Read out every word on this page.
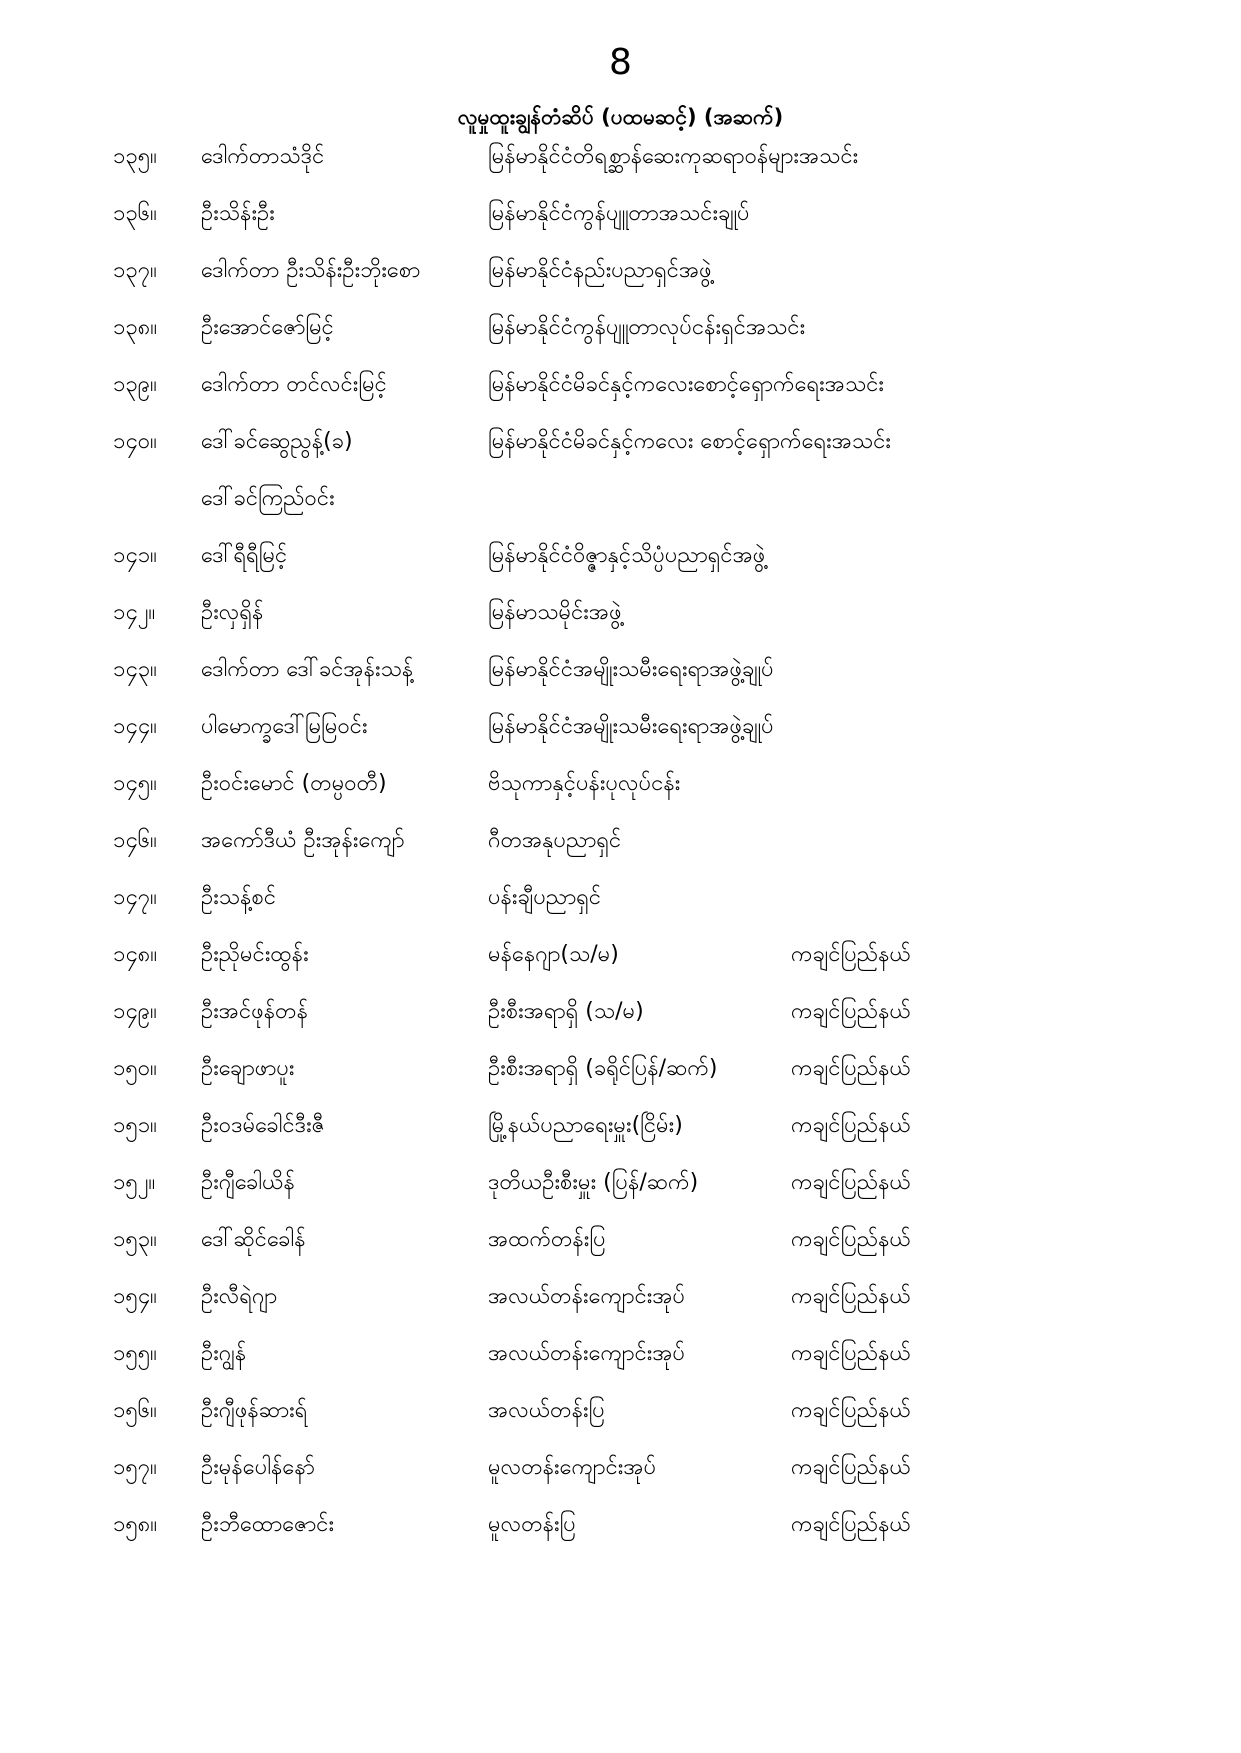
8
လူမှုထူးချွန်တံဆိပ် (ပထမဆင့်) (အဆက်)
၁၃၅။	ဒေါက်တာသံဒိုင်	မြန်မာနိုင်ငံတိရစ္ဆာန်ဆေးကုဆရာဝန်များအသင်း
၁၃၆။	ဦးသိန်းဦး	မြန်မာနိုင်ငံကွန်ပျူတာအသင်းချုပ်
၁၃၇။	ဒေါက်တာ ဦးသိန်းဦးဘိုးစော	မြန်မာနိုင်ငံနည်းပညာရှင်အဖွဲ့
၁၃၈။	ဦးအောင်ဇော်မြင့်	မြန်မာနိုင်ငံကွန်ပျူတာလုပ်ငန်းရှင်အသင်း
၁၃၉။	ဒေါက်တာ တင်လင်းမြင့်	မြန်မာနိုင်ငံမိခင်နှင့်ကလေးစောင့်ရှောက်ရေးအသင်း
၁၄၀။	ဒေါ်ခင်ဆွေညွန့်(ခ)	မြန်မာနိုင်ငံမိခင်နှင့်ကလေး စောင့်ရှောက်ရေးအသင်း
ဒေါ်ခင်ကြည်ဝင်း
၁၄၁။	ဒေါ်ရီရီမြင့်	မြန်မာနိုင်ငံဝိဇ္ဇာနှင့်သိပ္ပံပညာရှင်အဖွဲ့
၁၄၂။	ဦးလှရှိန်	မြန်မာသမိုင်းအဖွဲ့
၁၄၃။	ဒေါက်တာ ဒေါ်ခင်အုန်းသန့်	မြန်မာနိုင်ငံအမျိုးသမီးရေးရာအဖွဲ့ချုပ်
၁၄၄။	ပါမောက္ခဒေါ်မြမြဝင်း	မြန်မာနိုင်ငံအမျိုးသမီးရေးရာအဖွဲ့ချုပ်
၁၄၅။	ဦးဝင်းမောင် (တမ္ပဝတီ)	ဗိသုကာနှင့်ပန်းပုလုပ်ငန်း
၁၄၆။	အကော်ဒီယံ ဦးအုန်းကျော်	ဂီတအနုပညာရှင်
၁၄၇။	ဦးသန့်စင်	ပန်းချီပညာရှင်
၁၄၈။	ဦးညိုမင်းထွန်း	မန်နေဂျာ(သ/မ)	ကချင်ပြည်နယ်
၁၄၉။	ဦးအင်ဖုန်တန်	ဦးစီးအရာရှိ (သ/မ)	ကချင်ပြည်နယ်
၁၅၀။	ဦးချောဖာပူး	ဦးစီးအရာရှိ (ခရိုင်ပြန်/ဆက်)	ကချင်ပြည်နယ်
၁၅၁။	ဦးဝဒမ်ခေါင်ဒီးဇီ	မြို့နယ်ပညာရေးမှူး(ငြိမ်း)	ကချင်ပြည်နယ်
၁၅၂။	ဦးဂျီခေါယိန်	ဒုတိယဦးစီးမှူး (ပြန်/ဆက်)	ကချင်ပြည်နယ်
၁၅၃။	ဒေါ်ဆိုင်ခေါန်	အထက်တန်းပြ	ကချင်ပြည်နယ်
၁၅၄။	ဦးလီရဲဂျာ	အလယ်တန်းကျောင်းအုပ်	ကချင်ပြည်နယ်
၁၅၅။	ဦးဂျွန်	အလယ်တန်းကျောင်းအုပ်	ကချင်ပြည်နယ်
၁၅၆။	ဦးဂျီဖုန်ဆားရ်	အလယ်တန်းပြ	ကချင်ပြည်နယ်
၁၅၇။	ဦးမုန်ပေါန်နော်	မူလတန်းကျောင်းအုပ်	ကချင်ပြည်နယ်
၁၅၈။	ဦးဘီထောဇောင်း	မူလတန်းပြ	ကချင်ပြည်နယ်
